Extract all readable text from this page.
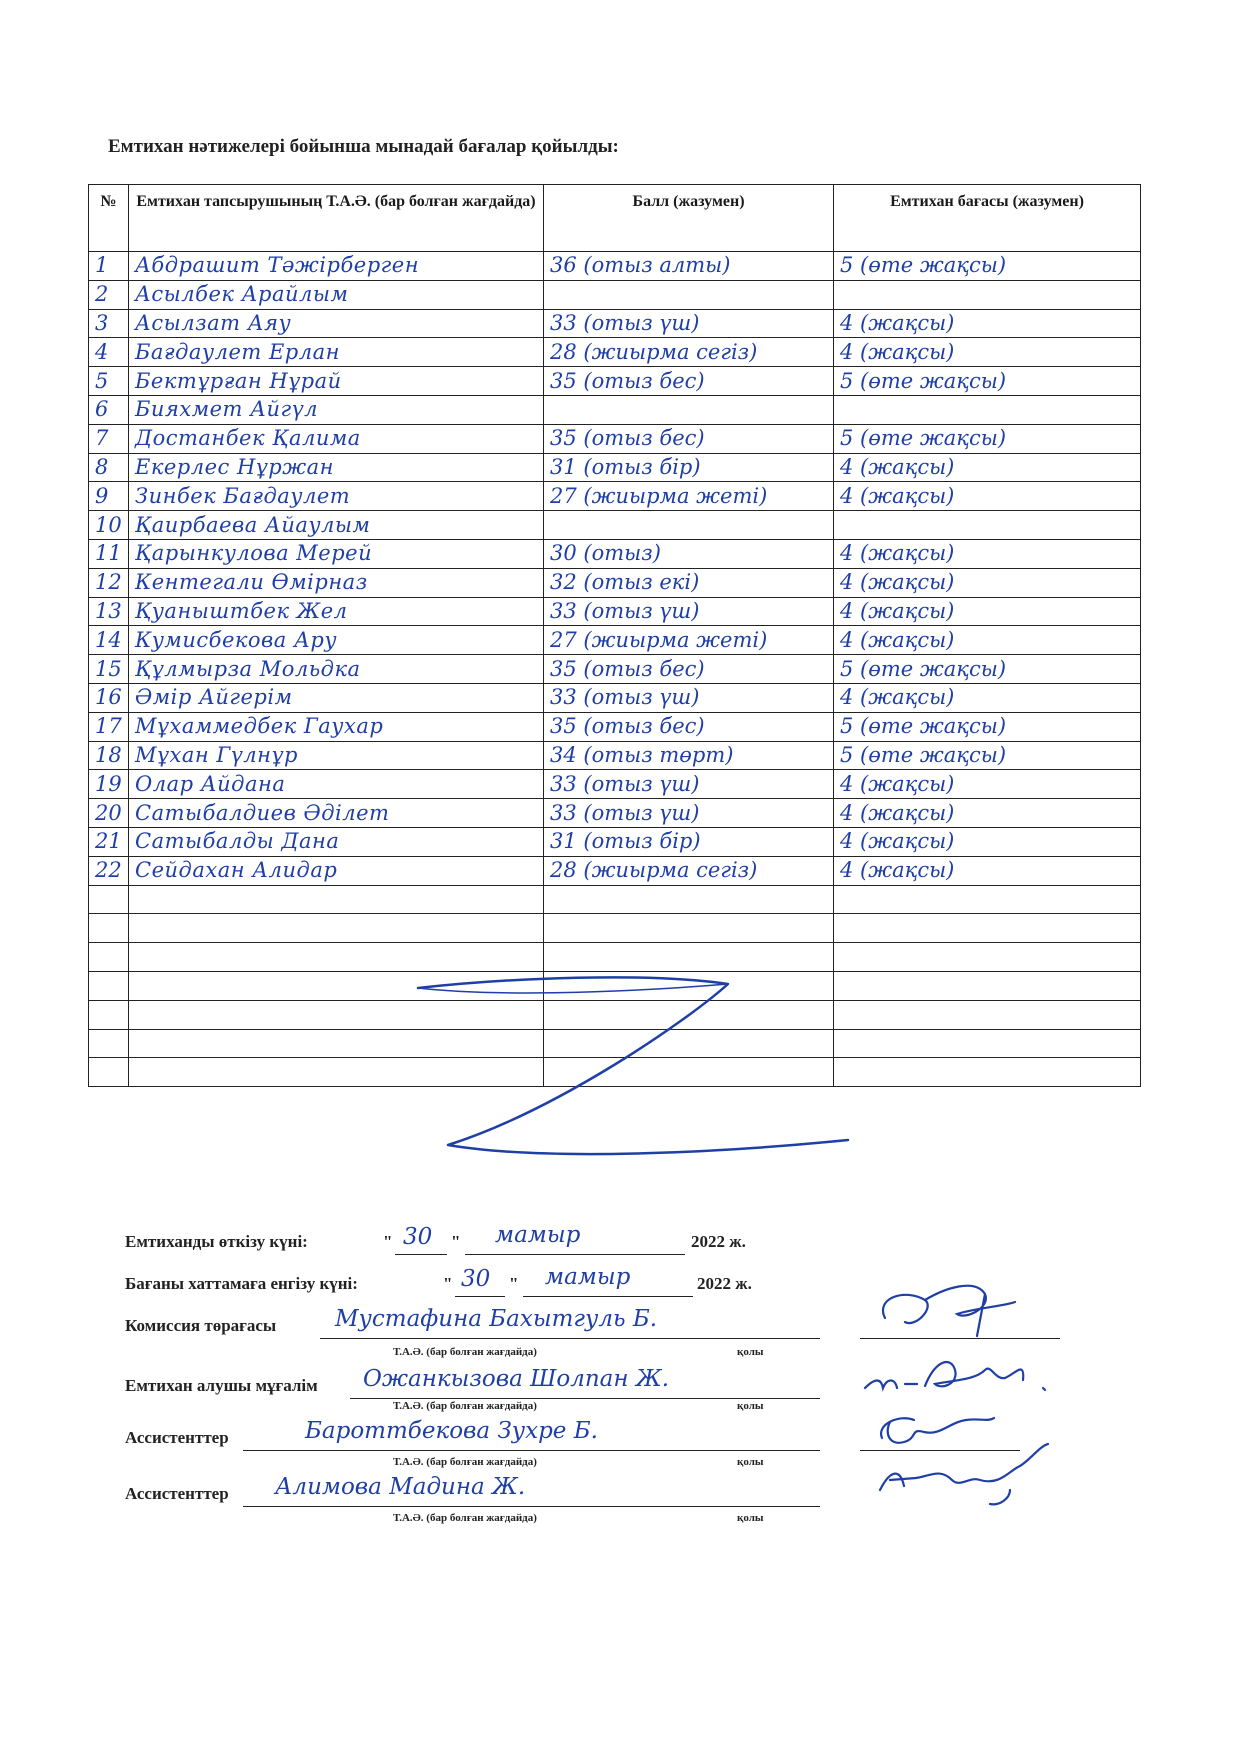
Емтихан нәтижелері бойынша мынадай бағалар қойылды:
№	Емтихан тапсырушының Т.А.Ә. (бар болған жағдайда)	Балл (жазумен)	Емтихан бағасы (жазумен)
1	Абдрашит Тәжірберген	36 (отыз алты)	5 (өте жақсы)
2	Асылбек Арайлым		
3	Асылзат Аяу	33 (отыз үш)	4 (жақсы)
4	Бағдаулет Ерлан	28 (жиырма сегіз)	4 (жақсы)
5	Бектұрған Нұрай	35 (отыз бес)	5 (өте жақсы)
6	Бияхмет Айгүл		
7	Достанбек Қалима	35 (отыз бес)	5 (өте жақсы)
8	Екерлес Нұржан	31 (отыз бір)	4 (жақсы)
9	Зинбек Бағдаулет	27 (жиырма жеті)	4 (жақсы)
10	Қаирбаева Айаулым		
11	Қарынкулова Мерей	30 (отыз)	4 (жақсы)
12	Кентегали Өмірназ	32 (отыз екі)	4 (жақсы)
13	Қуаныштбек Жел	33 (отыз үш)	4 (жақсы)
14	Кумисбекова Ару	27 (жиырма жеті)	4 (жақсы)
15	Құлмырза Мольдка	35 (отыз бес)	5 (өте жақсы)
16	Әмір Айгерім	33 (отыз үш)	4 (жақсы)
17	Мұхаммедбек Гаухар	35 (отыз бес)	5 (өте жақсы)
18	Мұхан Гүлнұр	34 (отыз төрт)	5 (өте жақсы)
19	Олар Айдана	33 (отыз үш)	4 (жақсы)
20	Сатыбалдиев Әділет	33 (отыз үш)	4 (жақсы)
21	Сатыбалды Дана	31 (отыз бір)	4 (жақсы)
22	Сейдахан Алидар	28 (жиырма сегіз)	4 (жақсы)

Емтиханды өткізу күні:	" 30 " мамыр	2022 ж.
Бағаны хаттамаға енгізу күні:	" 30 " мамыр	2022 ж.
Комиссия төрағасы	Мустафина Бахытгуль Б.
Т.А.Ә. (бар болған жағдайда)	қолы
Емтихан алушы мұғалім Ожанкызова Шолпан Ж.
Т.А.Ә. (бар болған жағдайда)	қолы
Ассистенттер	Бароттбекова Зухре Б.
Т.А.Ә. (бар болған жағдайда)	қолы
Ассистенттер Алимова Мадина Ж.
Т.А.Ә. (бар болған жағдайда)	қолы
